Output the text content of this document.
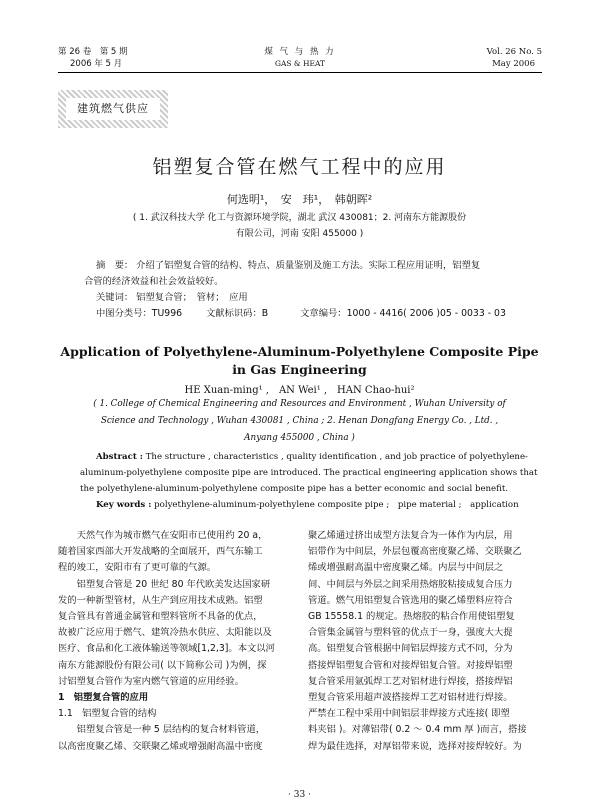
第 26 卷　第 5 期
2006 年 5 月
煤 气 与 热 力
GAS & HEAT
Vol. 26 No. 5
May 2006
建筑燃气供应
铝塑复合管在燃气工程中的应用
何选明¹，　安　玮¹，　韩朝晖²
( 1. 武汉科技大学 化工与资源环境学院，湖北 武汉 430081；2. 河南东方能源股份
有限公司，河南 安阳 455000 )
摘　要： 介绍了铝塑复合管的结构、特点、质量鉴别及施工方法。实际工程应用证明，铝塑复
合管的经济效益和社会效益较好。
关键词： 铝塑复合管；　管材；　应用
中图分类号：TU996	文献标识码：B	文章编号：1000 - 4416( 2006 )05 - 0033 - 03
Application of Polyethylene-Aluminum-Polyethylene Composite Pipe
in Gas Engineering
HE Xuan-ming¹ ,　AN Wei¹ ,　HAN Chao-hui²
( 1. College of Chemical Engineering and Resources and Environment , Wuhan University of
Science and Technology , Wuhan 430081 , China ; 2. Henan Dongfang Energy Co. , Ltd. ,
Anyang 455000 , China )
Abstract : The structure , characteristics , quality identification , and job practice of polyethylene-
aluminum-polyethylene composite pipe are introduced. The practical engineering application shows that
the polyethylene-aluminum-polyethylene composite pipe has a better economic and social benefit.
Key words : polyethylene-aluminum-polyethylene composite pipe ;　pipe material ;　application
　　天然气作为城市燃气在安阳市已使用约 20 a，
随着国家西部大开发战略的全面展开，西气东输工
程的竣工，安阳市有了更可靠的气源。
　　铝塑复合管是 20 世纪 80 年代欧美发达国家研
发的一种新型管材，从生产到应用技术成熟。铝塑
复合管具有普通金属管和塑料管所不具备的优点，
故被广泛应用于燃气、建筑冷热水供应、太阳能以及
医疗、食品和化工液体输送等领域[1,2,3]。本文以河
南东方能源股份有限公司( 以下简称公司 )为例，探
讨铝塑复合管作为室内燃气管道的应用经验。
1　铝塑复合管的应用
1.1　铝塑复合管的结构
　　铝塑复合管是一种 5 层结构的复合材料管道，
以高密度聚乙烯、交联聚乙烯或增强耐高温中密度
聚乙烯通过挤出成型方法复合为一体作为内层，用
铝带作为中间层，外层包覆高密度聚乙烯、交联聚乙
烯或增强耐高温中密度聚乙烯。内层与中间层之
间、中间层与外层之间采用热熔胶粘接成复合压力
管道。燃气用铝塑复合管选用的聚乙烯塑料应符合
GB 15558.1 的规定。热熔胶的粘合作用使铝塑复
合管集金属管与塑料管的优点于一身，强度大大提
高。铝塑复合管根据中间铝层焊接方式不同，分为
搭接焊铝塑复合管和对接焊铝复合管。对接焊铝塑
复合管采用氩弧焊工艺对铝材进行焊接，搭接焊铝
塑复合管采用超声波搭接焊工艺对铝材进行焊接。
严禁在工程中采用中间铝层非焊接方式连接( 即塑
料夹铝 )。对薄铝带( 0.2 ～ 0.4 mm 厚 )而言，搭接
焊为最佳选择，对厚铝带来说，选择对接焊较好。为
· 33 ·
